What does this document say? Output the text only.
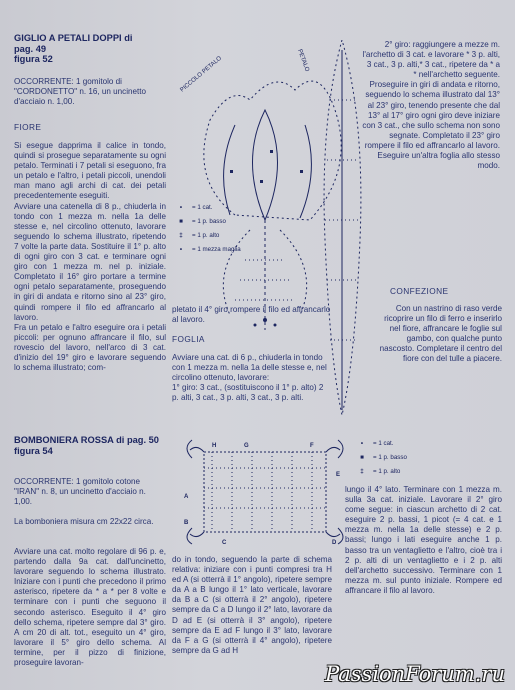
GIGLIO A PETALI DOPPI di
pag. 49
figura 52
OCCORRENTE: 1 gomitolo di "CORDONETTO" n. 16, un uncinetto d'acciaio n. 1,00.
FIORE
Si esegue dapprima il calice in tondo, quindi si prosegue separatamente su ogni petalo. Terminati i 7 petali si eseguono, fra un petalo e l'altro, i petali piccoli, unendoli man mano agli archi di cat. dei petali precedentemente eseguiti.
Avviare una catenella di 8 p., chiuderla in tondo con 1 mezza m. nella 1a delle stesse e, nel circolino ottenuto, lavorare seguendo lo schema illustrato, ripetendo 7 volte la parte data. Sostituire il 1° p. alto di ogni giro con 3 cat. e terminare ogni giro con 1 mezza m. nel p. iniziale. Completato il 16° giro portare a termine ogni petalo separatamente, proseguendo in giri di andata e ritorno sino al 23° giro, quindi rompere il filo ed affrancarlo al lavoro.
Fra un petalo e l'altro eseguire ora i petali piccoli: per ognuno affrancare il filo, sul rovescio del lavoro, nell'arco di 3 cat. d'inizio del 19° giro e lavorare seguendo lo schema illustrato; com-
PICCOLO PETALO	PETALO
•	= 1 cat.
■	= 1 p. basso
‡	= 1 p. alto
•	= 1 mezza maglia
pletato il 4° giro rompere il filo ed affrancarlo al lavoro.
FOGLIA
Avviare una cat. di 6 p., chiuderla in tondo con 1 mezza m. nella 1a delle stesse e, nel circolino ottenuto, lavorare:
1° giro: 3 cat., (sostituiscono il 1° p. alto) 2 p. alti, 3 cat., 3 p. alti, 3 cat., 3 p. alti.
2° giro: raggiungere a mezze m. l'archetto di 3 cat. e lavorare * 3 p. alti, 3 cat., 3 p. alti,* 3 cat., ripetere da * a * nell'archetto seguente.
Proseguire in giri di andata e ritorno, seguendo lo schema illustrato dal 13° al 23° giro, tenendo presente che dal 13° al 17° giro ogni giro deve iniziare con 3 cat., che sullo schema non sono segnate. Completato il 23° giro rompere il filo ed affrancarlo al lavoro. Eseguire un'altra foglia allo stesso modo.
CONFEZIONE
Con un nastrino di raso verde ricoprire un filo di ferro e inserirlo nel fiore, affrancare le foglie sul gambo, con qualche punto nascosto. Completare il centro del fiore con del tulle a piacere.
BOMBONIERA ROSSA di pag. 50
figura 54
OCCORRENTE: 1 gomitolo cotone "IRAN" n. 8, un uncinetto d'acciaio n. 1,00.
La bomboniera misura cm 22x22 circa.
Avviare una cat. molto regolare di 96 p. e, partendo dalla 9a cat. dall'uncinetto, lavorare seguendo lo schema illustrato. Iniziare con i punti che precedono il primo asterisco, ripetere da * a * per 8 volte e terminare con i punti che seguono il secondo asterisco. Eseguito il 4° giro dello schema, ripetere sempre dal 3° giro. A cm 20 di alt. tot., eseguito un 4° giro, lavorare il 5° giro dello schema. Al termine, per il pizzo di finizione, proseguire lavoran-
H	G	F
E
A
B
C	D
•	= 1 cat.
■	= 1 p. basso
‡	= 1 p. alto
do in tondo, seguendo la parte di schema relativa: iniziare con i punti compresi tra H ed A (si otterrà il 1° angolo), ripetere sempre da A a B lungo il 1° lato verticale, lavorare da B a C (si otterrà il 2° angolo), ripetere sempre da C a D lungo il 2° lato, lavorare da D ad E (si otterrà il 3° angolo), ripetere sempre da E ad F lungo il 3° lato, lavorare da F a G (si otterrà il 4° angolo), ripetere sempre da G ad H
lungo il 4° lato. Terminare con 1 mezza m. sulla 3a cat. iniziale. Lavorare il 2° giro come segue: in ciascun archetto di 2 cat. eseguire 2 p. bassi, 1 picot (= 4 cat. e 1 mezza m. nella 1a delle stesse) e 2 p. bassi; lungo i lati eseguire anche 1 p. basso tra un ventaglietto e l'altro, cioè tra i 2 p. alti di un ventaglietto e i 2 p. alti dell'archetto successivo. Terminare con 1 mezza m. sul punto iniziale. Rompere ed affrancare il filo al lavoro.
PassionForum.ru
